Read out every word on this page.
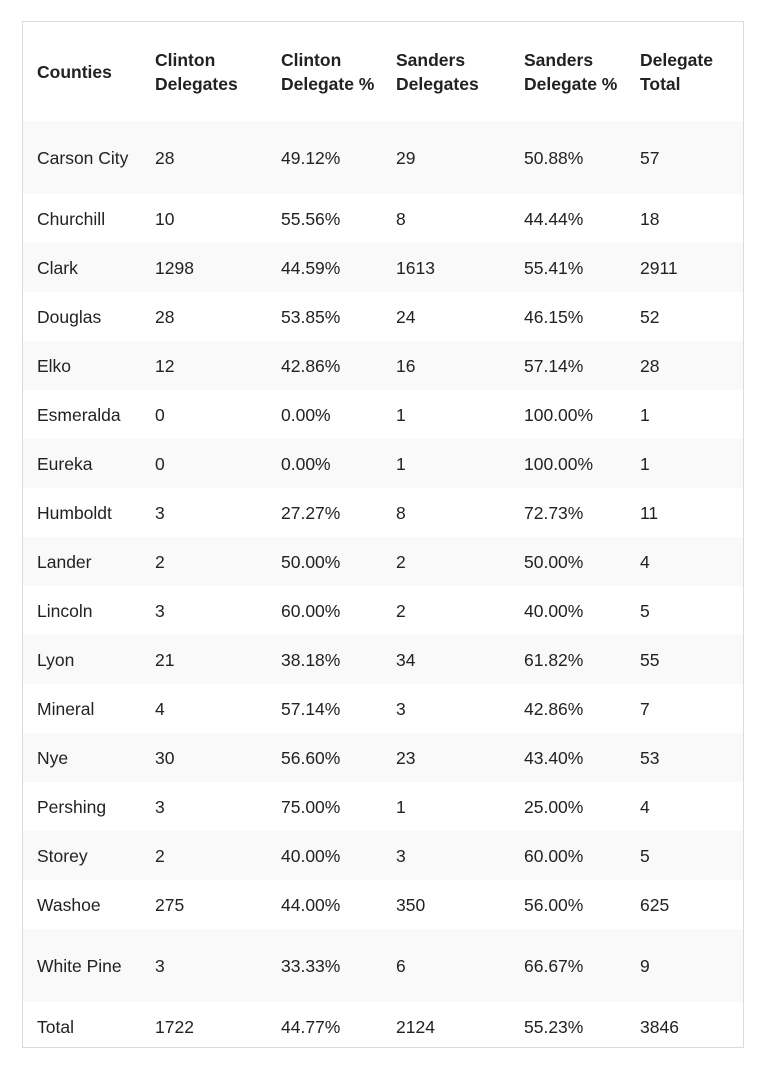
Counties	Clinton Delegates	Clinton Delegate %	Sanders Delegates	Sanders Delegate %	Delegate Total
Carson City	28	49.12%	29	50.88%	57
Churchill	10	55.56%	8	44.44%	18
Clark	1298	44.59%	1613	55.41%	2911
Douglas	28	53.85%	24	46.15%	52
Elko	12	42.86%	16	57.14%	28
Esmeralda	0	0.00%	1	100.00%	1
Eureka	0	0.00%	1	100.00%	1
Humboldt	3	27.27%	8	72.73%	11
Lander	2	50.00%	2	50.00%	4
Lincoln	3	60.00%	2	40.00%	5
Lyon	21	38.18%	34	61.82%	55
Mineral	4	57.14%	3	42.86%	7
Nye	30	56.60%	23	43.40%	53
Pershing	3	75.00%	1	25.00%	4
Storey	2	40.00%	3	60.00%	5
Washoe	275	44.00%	350	56.00%	625
White Pine	3	33.33%	6	66.67%	9
Total	1722	44.77%	2124	55.23%	3846
